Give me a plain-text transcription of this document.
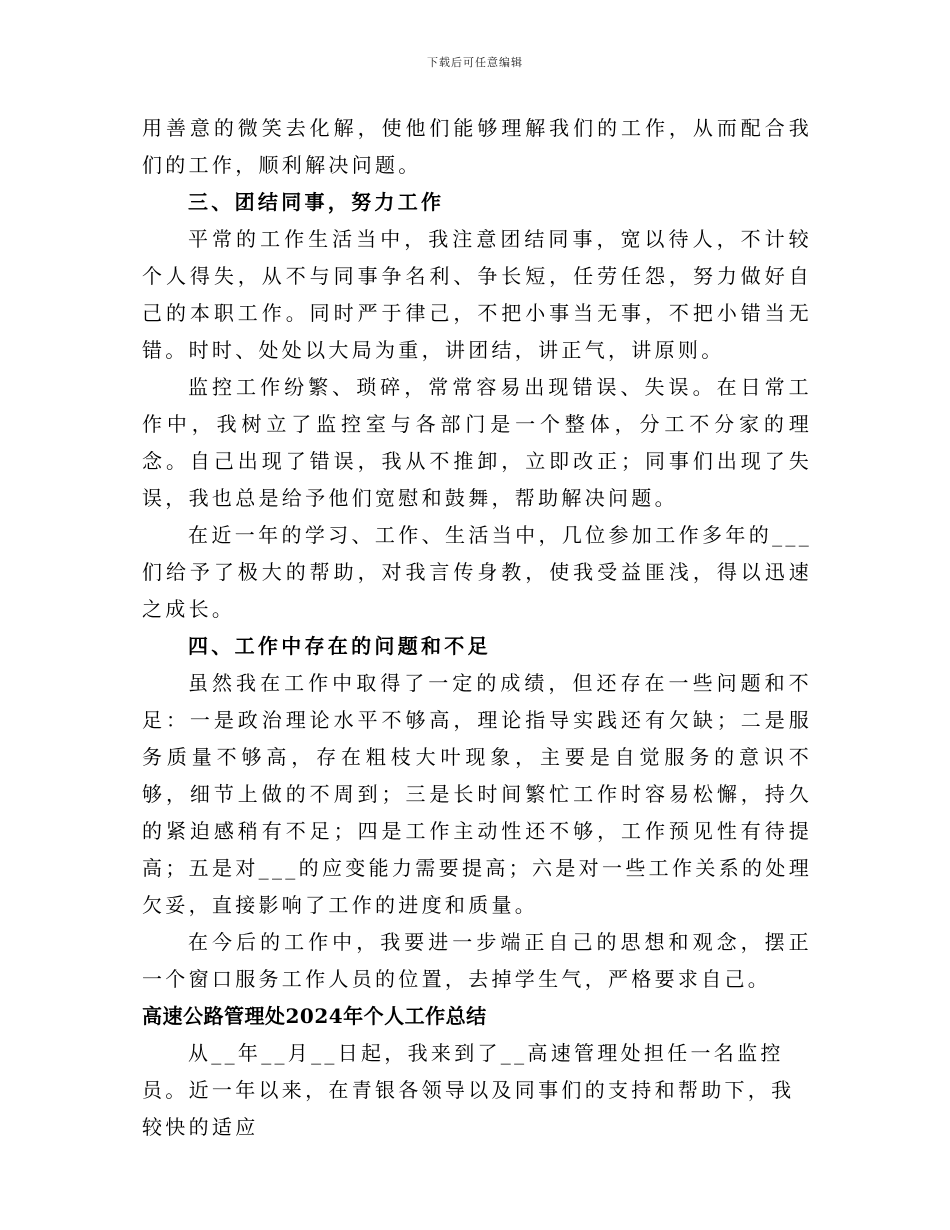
下载后可任意编辑

用善意的微笑去化解，使他们能够理解我们的工作，从而配合我们的工作，顺利解决问题。

三、团结同事，努力工作

平常的工作生活当中，我注意团结同事，宽以待人，不计较个人得失，从不与同事争名利、争长短，任劳任怨，努力做好自己的本职工作。同时严于律己，不把小事当无事，不把小错当无错。时时、处处以大局为重，讲团结，讲正气，讲原则。

监控工作纷繁、琐碎，常常容易出现错误、失误。在日常工作中，我树立了监控室与各部门是一个整体，分工不分家的理念。自己出现了错误，我从不推卸，立即改正；同事们出现了失误，我也总是给予他们宽慰和鼓舞，帮助解决问题。

在近一年的学习、工作、生活当中，几位参加工作多年的___们给予了极大的帮助，对我言传身教，使我受益匪浅，得以迅速之成长。

四、工作中存在的问题和不足

虽然我在工作中取得了一定的成绩，但还存在一些问题和不足：一是政治理论水平不够高，理论指导实践还有欠缺；二是服务质量不够高，存在粗枝大叶现象，主要是自觉服务的意识不够，细节上做的不周到；三是长时间繁忙工作时容易松懈，持久的紧迫感稍有不足；四是工作主动性还不够，工作预见性有待提高；五是对___的应变能力需要提高；六是对一些工作关系的处理欠妥，直接影响了工作的进度和质量。

在今后的工作中，我要进一步端正自己的思想和观念，摆正一个窗口服务工作人员的位置，去掉学生气，严格要求自己。

高速公路管理处2024年个人工作总结

从__年__月__日起，我来到了__高速管理处担任一名监控员。近一年以来，在青银各领导以及同事们的支持和帮助下，我较快的适应
